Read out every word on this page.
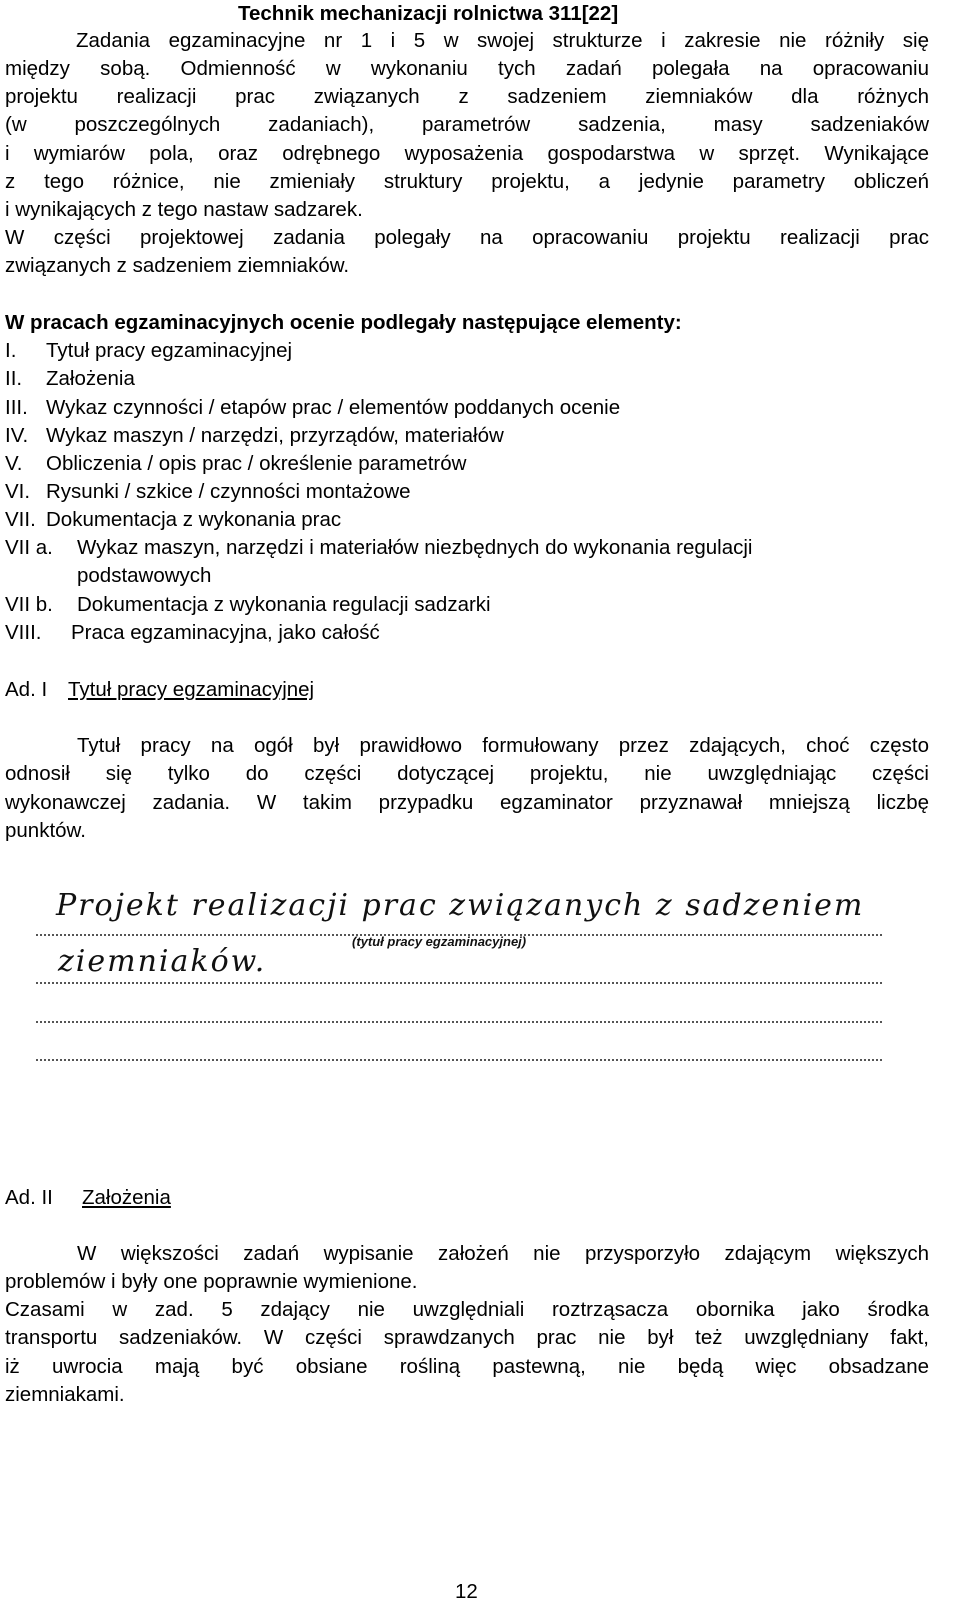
Technik mechanizacji rolnictwa 311[22]
Zadania egzaminacyjne nr 1 i 5 w swojej strukturze i zakresie nie różniły się
między sobą. Odmienność w wykonaniu tych zadań polegała na opracowaniu
projektu realizacji prac związanych z sadzeniem ziemniaków dla różnych
(w poszczególnych zadaniach), parametrów sadzenia, masy sadzeniaków
i wymiarów pola, oraz odrębnego wyposażenia gospodarstwa w sprzęt. Wynikające
z tego różnice, nie zmieniały struktury projektu, a jedynie parametry obliczeń
i wynikających z tego nastaw sadzarek.
W części projektowej zadania polegały na opracowaniu projektu realizacji prac
związanych z sadzeniem ziemniaków.
W pracach egzaminacyjnych ocenie podlegały następujące elementy:
I. Tytuł pracy egzaminacyjnej
II. Założenia
III. Wykaz czynności / etapów prac / elementów poddanych ocenie
IV. Wykaz maszyn / narzędzi, przyrządów, materiałów
V. Obliczenia / opis prac / określenie parametrów
VI. Rysunki / szkice / czynności montażowe
VII. Dokumentacja z wykonania prac
VII a. Wykaz maszyn, narzędzi i materiałów niezbędnych do wykonania regulacji
podstawowych
VII b. Dokumentacja z wykonania regulacji sadzarki
VIII. Praca egzaminacyjna, jako całość
Ad. I Tytuł pracy egzaminacyjnej
Tytuł pracy na ogół był prawidłowo formułowany przez zdających, choć często
odnosił się tylko do części dotyczącej projektu, nie uwzględniając części
wykonawczej zadania. W takim przypadku egzaminator przyznawał mniejszą liczbę
punktów.
Projekt realizacji prac związanych z sadzeniem
(tytuł pracy egzaminacyjnej)
ziemniaków.
Ad. II Założenia
W większości zadań wypisanie założeń nie przysporzyło zdającym większych
problemów i były one poprawnie wymienione.
Czasami w zad. 5 zdający nie uwzględniali roztrząsacza obornika jako środka
transportu sadzeniaków. W części sprawdzanych prac nie był też uwzględniany fakt,
iż uwrocia mają być obsiane rośliną pastewną, nie będą więc obsadzane
ziemniakami.
12
